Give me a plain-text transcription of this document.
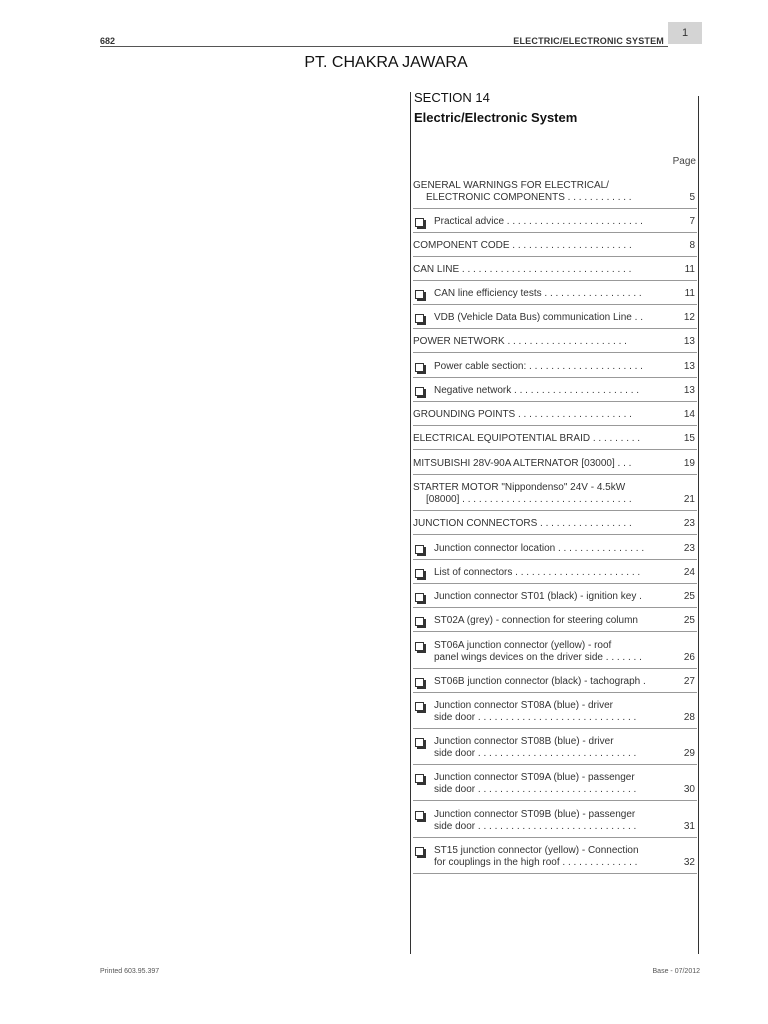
682	ELECTRIC/ELECTRONIC SYSTEM
1
PT. CHAKRA JAWARA
SECTION 14
Electric/Electronic System
Page
GENERAL WARNINGS FOR ELECTRICAL/
ELECTRONIC COMPONENTS . . . . . . . . . . . .	5
Practical advice . . . . . . . . . . . . . . . . . . . . . . . . .	7
COMPONENT CODE . . . . . . . . . . . . . . . . . . . . . .	8
CAN LINE . . . . . . . . . . . . . . . . . . . . . . . . . . . . . . .	11
CAN line efficiency tests . . . . . . . . . . . . . . . . . .	11
VDB (Vehicle Data Bus) communication Line . .	12
POWER NETWORK . . . . . . . . . . . . . . . . . . . . . .	13
Power cable section: . . . . . . . . . . . . . . . . . . . . .	13
Negative network . . . . . . . . . . . . . . . . . . . . . . .	13
GROUNDING POINTS . . . . . . . . . . . . . . . . . . . . .	14
ELECTRICAL EQUIPOTENTIAL BRAID . . . . . . . . .	15
MITSUBISHI 28V-90A ALTERNATOR [03000] . . .	19
STARTER MOTOR "Nippondenso" 24V - 4.5kW
[08000] . . . . . . . . . . . . . . . . . . . . . . . . . . . . . . .	21
JUNCTION CONNECTORS . . . . . . . . . . . . . . . . .	23
Junction connector location . . . . . . . . . . . . . . . .	23
List of connectors . . . . . . . . . . . . . . . . . . . . . . .	24
Junction connector ST01 (black) - ignition key .	25
ST02A (grey) - connection for steering column	25
ST06A junction connector (yellow) - roof
panel wings devices on the driver side . . . . . . .	26
ST06B junction connector (black) - tachograph .	27
Junction connector ST08A (blue) - driver
side door . . . . . . . . . . . . . . . . . . . . . . . . . . . . .	28
Junction connector ST08B (blue) - driver
side door . . . . . . . . . . . . . . . . . . . . . . . . . . . . .	29
Junction connector ST09A (blue) - passenger
side door . . . . . . . . . . . . . . . . . . . . . . . . . . . . .	30
Junction connector ST09B (blue) - passenger
side door . . . . . . . . . . . . . . . . . . . . . . . . . . . . .	31
ST15 junction connector (yellow) - Connection
for couplings in the high roof . . . . . . . . . . . . . .	32
Printed 603.95.397	Base - 07/2012
